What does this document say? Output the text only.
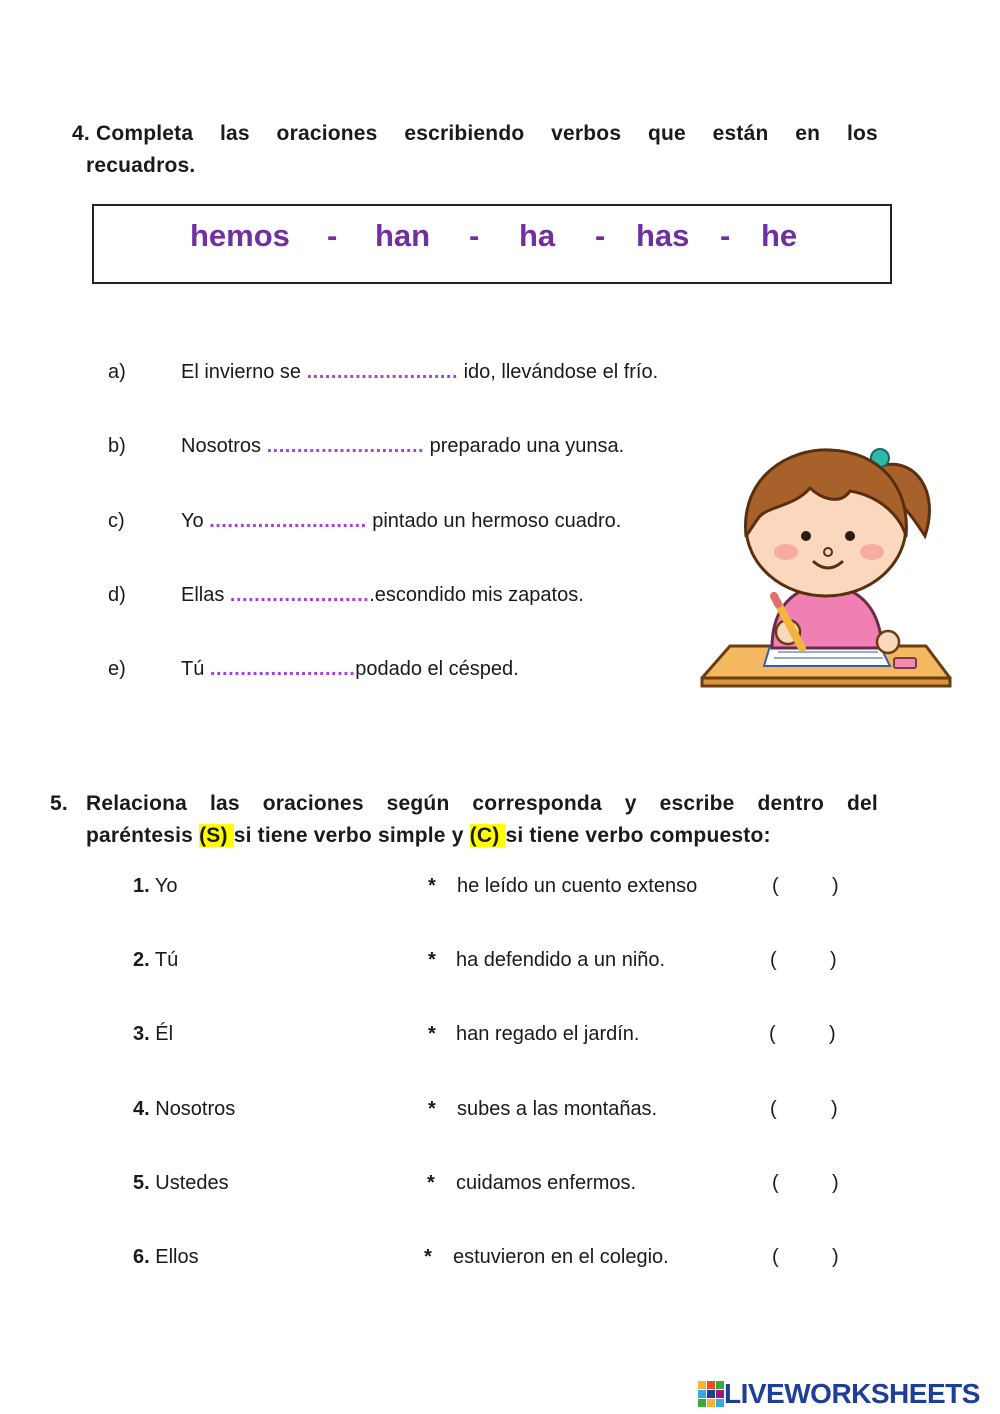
4. Completa las oraciones escribiendo verbos que están en los
recuadros.
hemos - han - ha - has - he
a)	El invierno se ......................... ido, llevándose el frío.
b)	Nosotros .......................... preparado una yunsa.
c)	Yo .......................... pintado un hermoso cuadro.
d)	Ellas ........................escondido mis zapatos.
e)	Tú ........................podado el césped.
5. Relaciona las oraciones según corresponda y escribe dentro del
paréntesis (S) si tiene verbo simple y (C) si tiene verbo compuesto:
1. Yo	* he leído un cuento extenso	(	)
2. Tú	* ha defendido a un niño.	(	)
3. Él	* han regado el jardín.	(	)
4. Nosotros	* subes a las montañas.	(	)
5. Ustedes	* cuidamos enfermos.	(	)
6. Ellos	* estuvieron en el colegio.	(	)
LIVEWORKSHEETS
